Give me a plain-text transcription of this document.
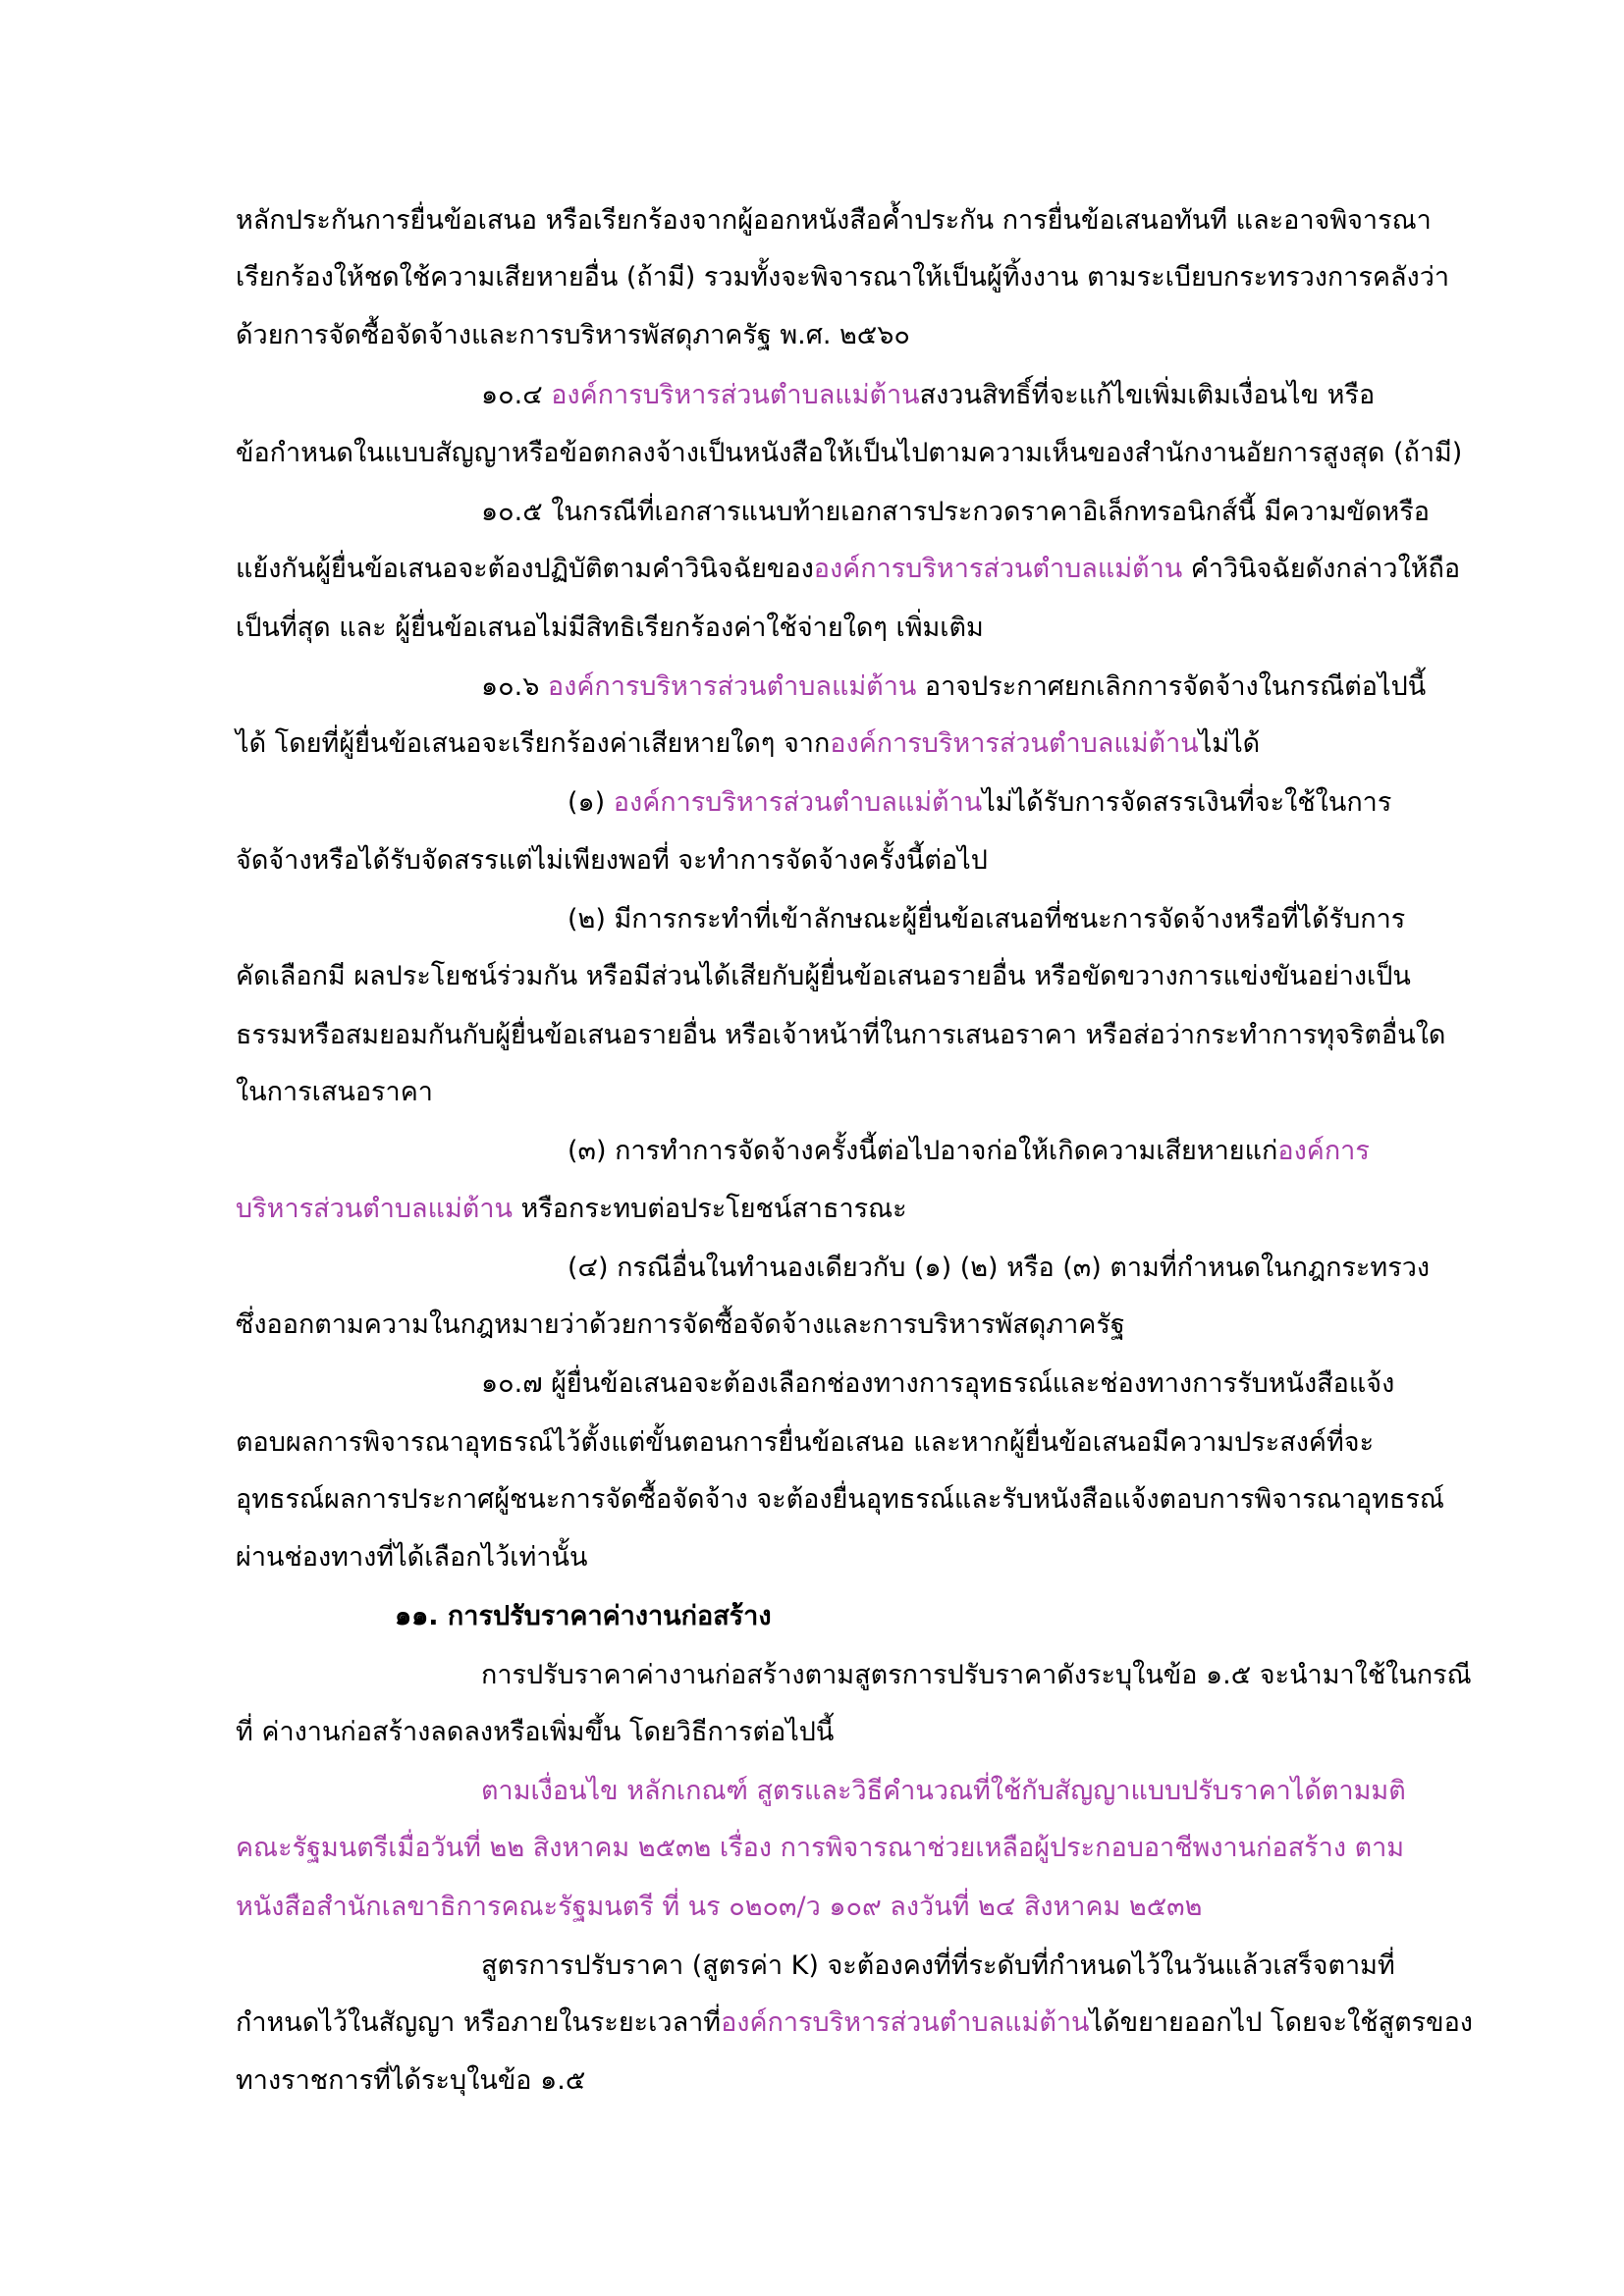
หลักประกันการยื่นข้อเสนอ หรือเรียกร้องจากผู้ออกหนังสือค้ำประกัน การยื่นข้อเสนอทันที และอาจพิจารณา
เรียกร้องให้ชดใช้ความเสียหายอื่น (ถ้ามี) รวมทั้งจะพิจารณาให้เป็นผู้ทิ้งงาน ตามระเบียบกระทรวงการคลังว่า
ด้วยการจัดซื้อจัดจ้างและการบริหารพัสดุภาครัฐ พ.ศ. ๒๕๖๐
๑๐.๔ องค์การบริหารส่วนตำบลแม่ต้านสงวนสิทธิ์ที่จะแก้ไขเพิ่มเติมเงื่อนไข หรือ
ข้อกำหนดในแบบสัญญาหรือข้อตกลงจ้างเป็นหนังสือให้เป็นไปตามความเห็นของสำนักงานอัยการสูงสุด (ถ้ามี)
๑๐.๕ ในกรณีที่เอกสารแนบท้ายเอกสารประกวดราคาอิเล็กทรอนิกส์นี้ มีความขัดหรือ
แย้งกันผู้ยื่นข้อเสนอจะต้องปฏิบัติตามคำวินิจฉัยขององค์การบริหารส่วนตำบลแม่ต้าน คำวินิจฉัยดังกล่าวให้ถือ
เป็นที่สุด และ ผู้ยื่นข้อเสนอไม่มีสิทธิเรียกร้องค่าใช้จ่ายใดๆ เพิ่มเติม
๑๐.๖ องค์การบริหารส่วนตำบลแม่ต้าน อาจประกาศยกเลิกการจัดจ้างในกรณีต่อไปนี้
ได้ โดยที่ผู้ยื่นข้อเสนอจะเรียกร้องค่าเสียหายใดๆ จากองค์การบริหารส่วนตำบลแม่ต้านไม่ได้
(๑) องค์การบริหารส่วนตำบลแม่ต้านไม่ได้รับการจัดสรรเงินที่จะใช้ในการ
จัดจ้างหรือได้รับจัดสรรแต่ไม่เพียงพอที่ จะทำการจัดจ้างครั้งนี้ต่อไป
(๒) มีการกระทำที่เข้าลักษณะผู้ยื่นข้อเสนอที่ชนะการจัดจ้างหรือที่ได้รับการ
คัดเลือกมี ผลประโยชน์ร่วมกัน หรือมีส่วนได้เสียกับผู้ยื่นข้อเสนอรายอื่น หรือขัดขวางการแข่งขันอย่างเป็น
ธรรมหรือสมยอมกันกับผู้ยื่นข้อเสนอรายอื่น หรือเจ้าหน้าที่ในการเสนอราคา หรือส่อว่ากระทำการทุจริตอื่นใด
ในการเสนอราคา
(๓) การทำการจัดจ้างครั้งนี้ต่อไปอาจก่อให้เกิดความเสียหายแก่องค์การ
บริหารส่วนตำบลแม่ต้าน หรือกระทบต่อประโยชน์สาธารณะ
(๔) กรณีอื่นในทำนองเดียวกับ (๑) (๒) หรือ (๓) ตามที่กำหนดในกฎกระทรวง
ซึ่งออกตามความในกฎหมายว่าด้วยการจัดซื้อจัดจ้างและการบริหารพัสดุภาครัฐ
๑๐.๗ ผู้ยื่นข้อเสนอจะต้องเลือกช่องทางการอุทธรณ์และช่องทางการรับหนังสือแจ้ง
ตอบผลการพิจารณาอุทธรณ์ไว้ตั้งแต่ขั้นตอนการยื่นข้อเสนอ และหากผู้ยื่นข้อเสนอมีความประสงค์ที่จะ
อุทธรณ์ผลการประกาศผู้ชนะการจัดซื้อจัดจ้าง จะต้องยื่นอุทธรณ์และรับหนังสือแจ้งตอบการพิจารณาอุทธรณ์
ผ่านช่องทางที่ได้เลือกไว้เท่านั้น
๑๑. การปรับราคาค่างานก่อสร้าง
การปรับราคาค่างานก่อสร้างตามสูตรการปรับราคาดังระบุในข้อ ๑.๕ จะนำมาใช้ในกรณี
ที่ ค่างานก่อสร้างลดลงหรือเพิ่มขึ้น โดยวิธีการต่อไปนี้
ตามเงื่อนไข หลักเกณฑ์ สูตรและวิธีคำนวณที่ใช้กับสัญญาแบบปรับราคาได้ตามมติ
คณะรัฐมนตรีเมื่อวันที่ ๒๒ สิงหาคม ๒๕๓๒ เรื่อง การพิจารณาช่วยเหลือผู้ประกอบอาชีพงานก่อสร้าง ตาม
หนังสือสำนักเลขาธิการคณะรัฐมนตรี ที่ นร ๐๒๐๓/ว ๑๐๙ ลงวันที่ ๒๔ สิงหาคม ๒๕๓๒
สูตรการปรับราคา (สูตรค่า K) จะต้องคงที่ที่ระดับที่กำหนดไว้ในวันแล้วเสร็จตามที่
กำหนดไว้ในสัญญา หรือภายในระยะเวลาที่องค์การบริหารส่วนตำบลแม่ต้านได้ขยายออกไป โดยจะใช้สูตรของ
ทางราชการที่ได้ระบุในข้อ ๑.๕
